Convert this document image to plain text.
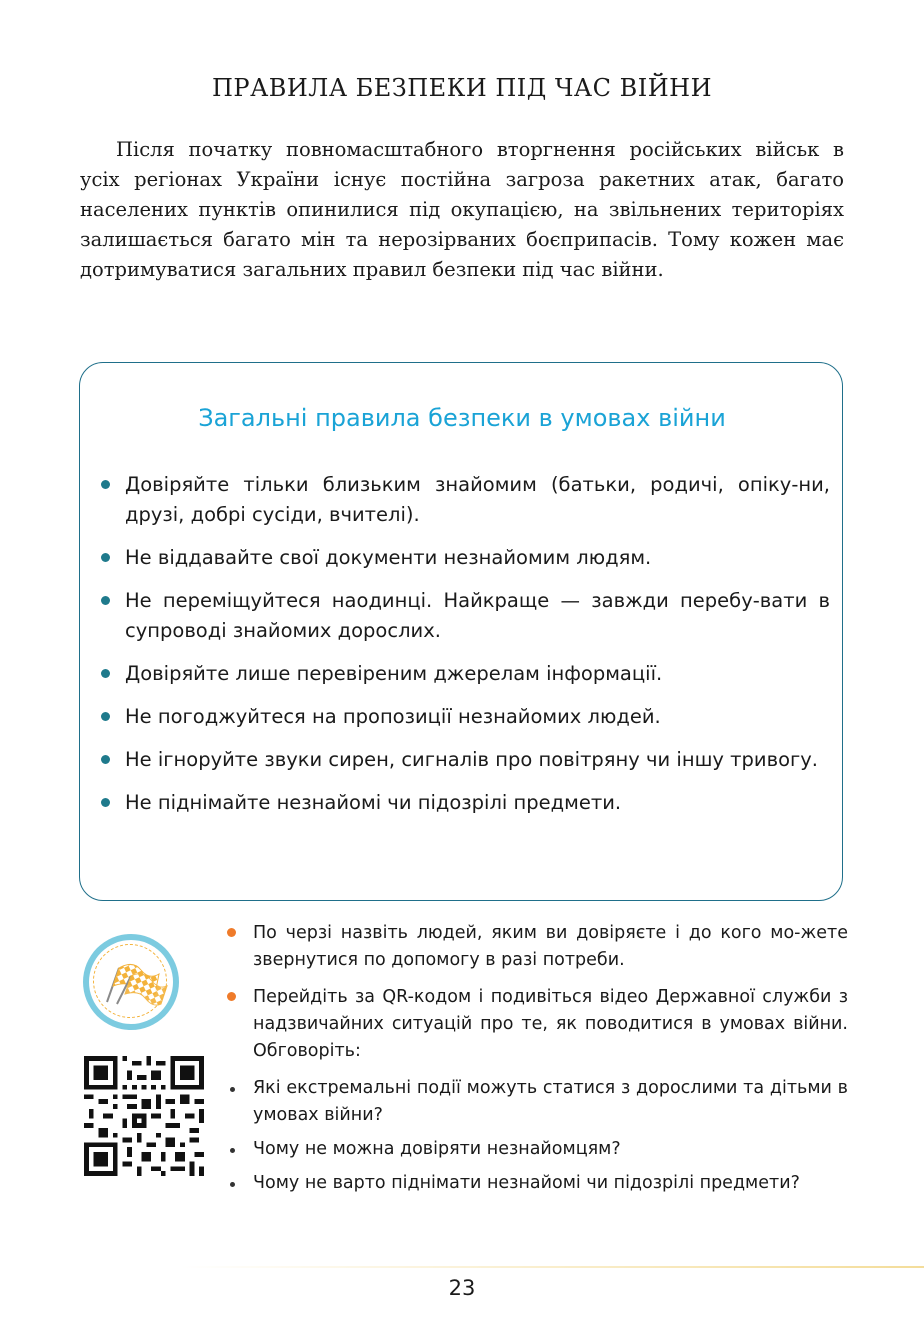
ПРАВИЛА БЕЗПЕКИ ПІД ЧАС ВІЙНИ

Після початку повномасштабного вторгнення російських військ в усіх регіонах України існує постійна загроза ракетних атак, багато населених пунктів опинилися під окупацією, на звільнених територіях залишається багато мін та нерозірваних боєприпасів. Тому кожен має дотримуватися загальних правил безпеки під час війни.

Загальні правила безпеки в умовах війни
Довіряйте тільки близьким знайомим (батьки, родичі, опіку-ни, друзі, добрі сусіди, вчителі).
Не віддавайте свої документи незнайомим людям.
Не переміщуйтеся наодинці. Найкраще — завжди перебу-вати в супроводі знайомих дорослих.
Довіряйте лише перевіреним джерелам інформації.
Не погоджуйтеся на пропозиції незнайомих людей.
Не ігноруйте звуки сирен, сигналів про повітряну чи іншу тривогу.
Не піднімайте незнайомі чи підозрілі предмети.
По черзі назвіть людей, яким ви довіряєте і до кого мо-жете звернутися по допомогу в разі потреби.
Перейдіть за QR-кодом і подивіться відео Державної служби з надзвичайних ситуацій про те, як поводитися в умовах війни. Обговоріть:
Які екстремальні події можуть статися з дорослими та дітьми в умовах війни?
Чому не можна довіряти незнайомцям?
Чому не варто піднімати незнайомі чи підозрілі предмети?
23
